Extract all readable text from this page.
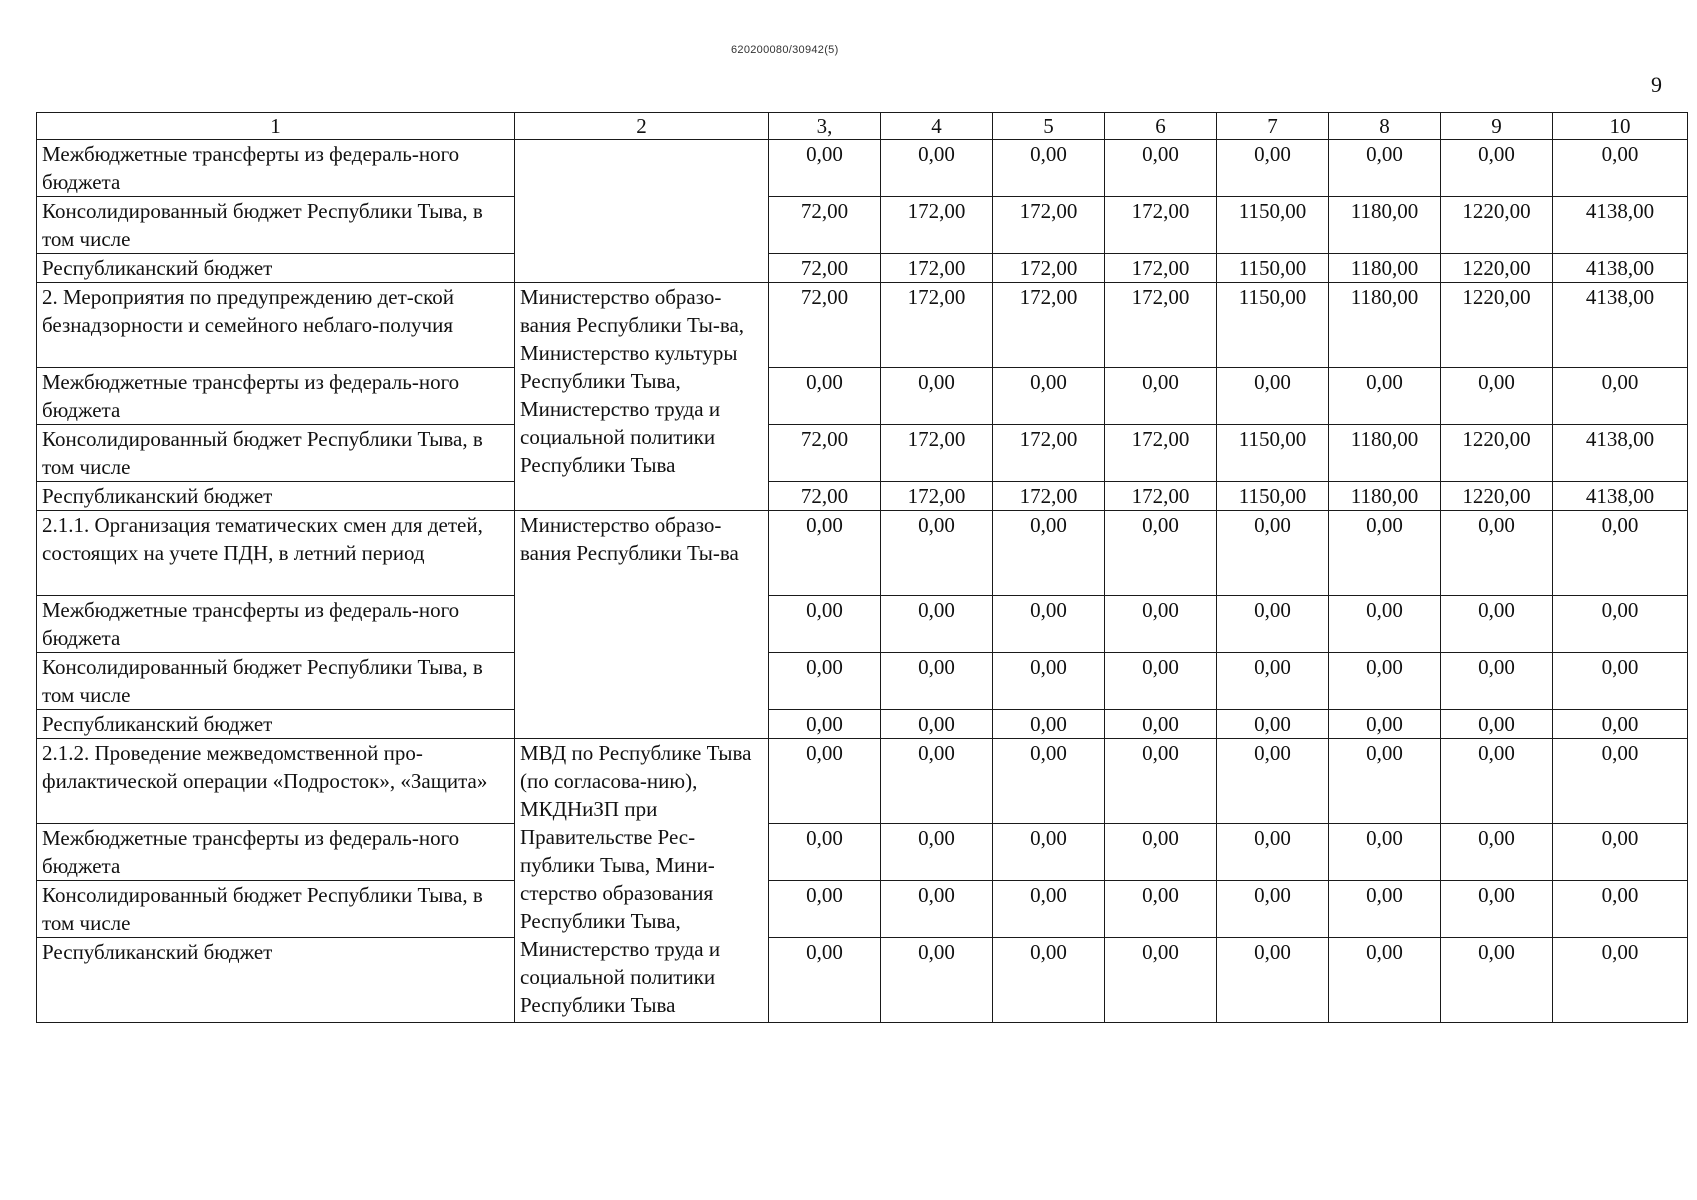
620200080/30942(5)
9
1	2	3,	4	5	6	7	8	9	10
Межбюджетные трансферты из федераль-ного бюджета		0,00	0,00	0,00	0,00	0,00	0,00	0,00	0,00
Консолидированный бюджет Республики Тыва, в том числе		72,00	172,00	172,00	172,00	1150,00	1180,00	1220,00	4138,00
Республиканский бюджет		72,00	172,00	172,00	172,00	1150,00	1180,00	1220,00	4138,00
2. Мероприятия по предупреждению дет-ской безнадзорности и семейного неблаго-получия	Министерство образо-вания Республики Ты-ва, Министерство культуры Республики Тыва, Министерство труда и социальной политики Республики Тыва	72,00	172,00	172,00	172,00	1150,00	1180,00	1220,00	4138,00
Межбюджетные трансферты из федераль-ного бюджета		0,00	0,00	0,00	0,00	0,00	0,00	0,00	0,00
Консолидированный бюджет Республики Тыва, в том числе		72,00	172,00	172,00	172,00	1150,00	1180,00	1220,00	4138,00
Республиканский бюджет		72,00	172,00	172,00	172,00	1150,00	1180,00	1220,00	4138,00
2.1.1. Организация тематических смен для детей, состоящих на учете ПДН, в летний период	Министерство образо-вания Республики Ты-ва	0,00	0,00	0,00	0,00	0,00	0,00	0,00	0,00
Межбюджетные трансферты из федераль-ного бюджета		0,00	0,00	0,00	0,00	0,00	0,00	0,00	0,00
Консолидированный бюджет Республики Тыва, в том числе		0,00	0,00	0,00	0,00	0,00	0,00	0,00	0,00
Республиканский бюджет		0,00	0,00	0,00	0,00	0,00	0,00	0,00	0,00
2.1.2. Проведение межведомственной про-филактической операции «Подросток», «Защита»	МВД по Республике Тыва (по согласова-нию), МКДНиЗП при Правительстве Рес-публики Тыва, Мини-стерство образования Республики Тыва, Министерство труда и социальной политики Республики Тыва	0,00	0,00	0,00	0,00	0,00	0,00	0,00	0,00
Межбюджетные трансферты из федераль-ного бюджета		0,00	0,00	0,00	0,00	0,00	0,00	0,00	0,00
Консолидированный бюджет Республики Тыва, в том числе		0,00	0,00	0,00	0,00	0,00	0,00	0,00	0,00
Республиканский бюджет		0,00	0,00	0,00	0,00	0,00	0,00	0,00	0,00
